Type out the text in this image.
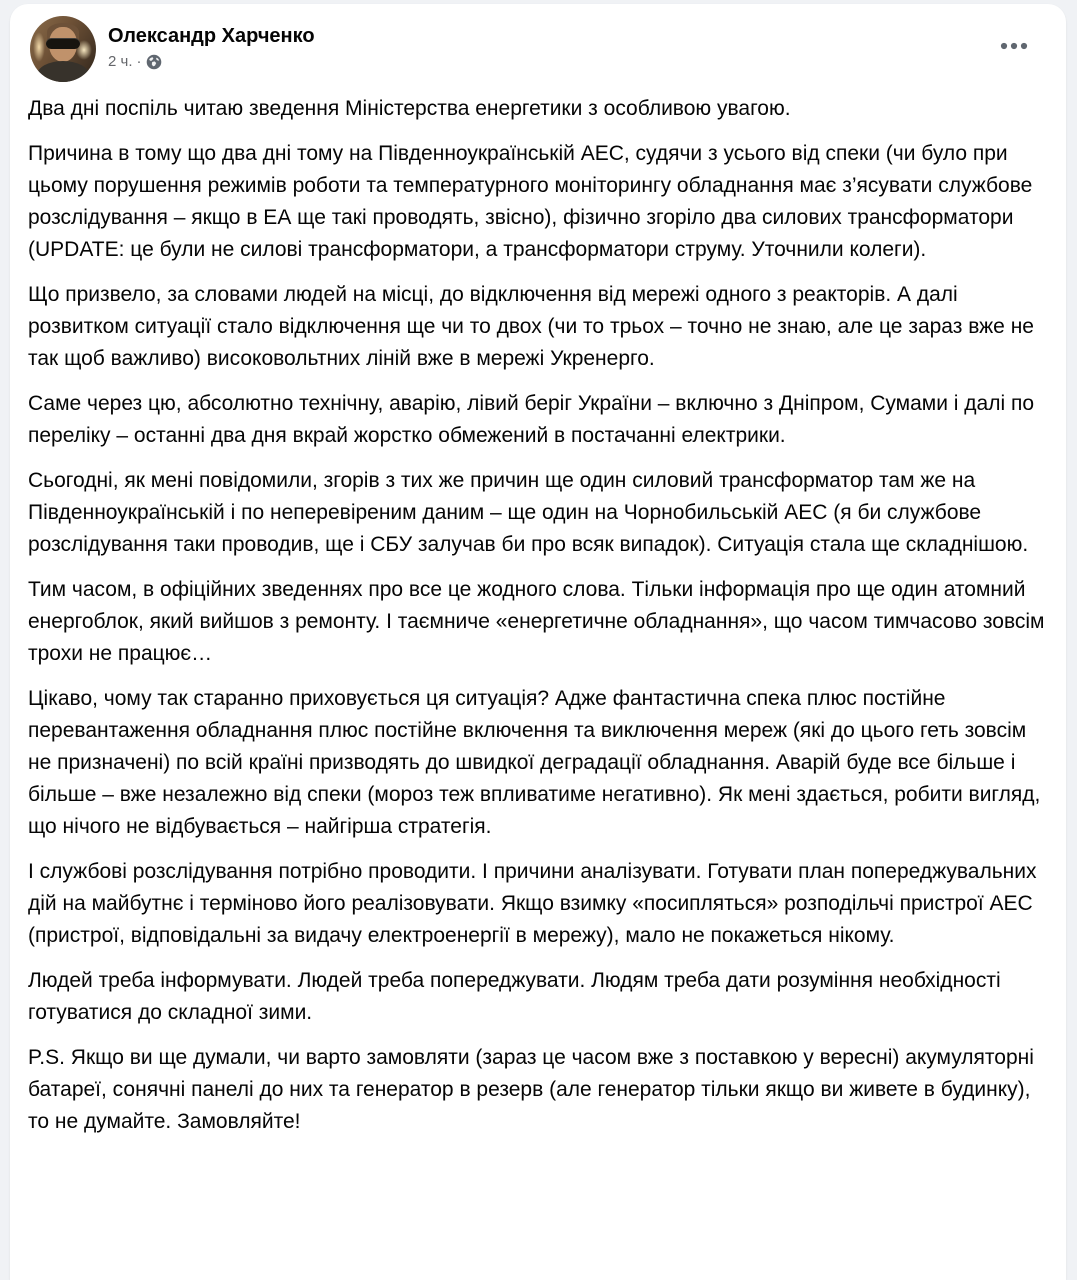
Олександр Харченко
2 ч. ·

Два дні поспіль читаю зведення Міністерства енергетики з особливою увагою.

Причина в тому що два дні тому на Південноукраїнській АЕС, судячи з усього від спеки (чи було при цьому порушення режимів роботи та температурного моніторингу обладнання має з’ясувати службове розслідування – якщо в ЕА ще такі проводять, звісно), фізично згоріло два силових трансформатори (UPDATE: це були не силові трансформатори, а трансформатори струму. Уточнили колеги).

Що призвело, за словами людей на місці, до відключення від мережі одного з реакторів. А далі розвитком ситуації стало відключення ще чи то двох (чи то трьох – точно не знаю, але це зараз вже не так щоб важливо) високовольтних ліній вже в мережі Укренерго.

Саме через цю, абсолютно технічну, аварію, лівий беріг України – включно з Дніпром, Сумами і далі по переліку – останні два дня вкрай жорстко обмежений в постачанні електрики.

Сьогодні, як мені повідомили, згорів з тих же причин ще один силовий трансформатор там же на Південноукраїнській і по неперевіреним даним – ще один на Чорнобильській АЕС (я би службове розслідування таки проводив, ще і СБУ залучав би про всяк випадок). Ситуація стала ще складнішою.

Тим часом, в офіційних зведеннях про все це жодного слова. Тільки інформація про ще один атомний енергоблок, який вийшов з ремонту. І таємниче «енергетичне обладнання», що часом тимчасово зовсім трохи не працює…

Цікаво, чому так старанно приховується ця ситуація? Адже фантастична спека плюс постійне перевантаження обладнання плюс постійне включення та виключення мереж (які до цього геть зовсім не призначені) по всій країні призводять до швидкої деградації обладнання. Аварій буде все більше і більше – вже незалежно від спеки (мороз теж впливатиме негативно). Як мені здається, робити вигляд, що нічого не відбувається – найгірша стратегія.

І службові розслідування потрібно проводити. І причини аналізувати. Готувати план попереджувальних дій на майбутнє і терміново його реалізовувати. Якщо взимку «посипляться» розподільчі пристрої АЕС (пристрої, відповідальні за видачу електроенергії в мережу), мало не покажеться нікому.

Людей треба інформувати. Людей треба попереджувати. Людям треба дати розуміння необхідності готуватися до складної зими.

P.S. Якщо ви ще думали, чи варто замовляти (зараз це часом вже з поставкою у вересні) акумуляторні батареї, сонячні панелі до них та генератор в резерв (але генератор тільки якщо ви живете в будинку), то не думайте. Замовляйте!
